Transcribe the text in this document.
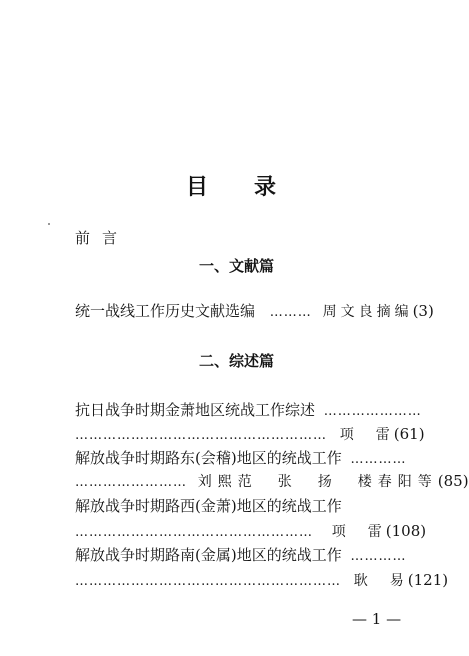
目录
前言
一、文献篇
统一战线工作历史文献选编 ……… 周文良摘编(3)
二、综述篇
抗日战争时期金萧地区统战工作综述 …………………
……………………………………………… 项　雷(61)
解放战争时期路东(会稽)地区的统战工作 …………
…………………… 刘熙范　张　扬　楼春阳等(85)
解放战争时期路西(金萧)地区的统战工作
…………………………………………… 项　雷(108)
解放战争时期路南(金属)地区的统战工作 …………
………………………………………………… 耿　易(121)
— 1 —
